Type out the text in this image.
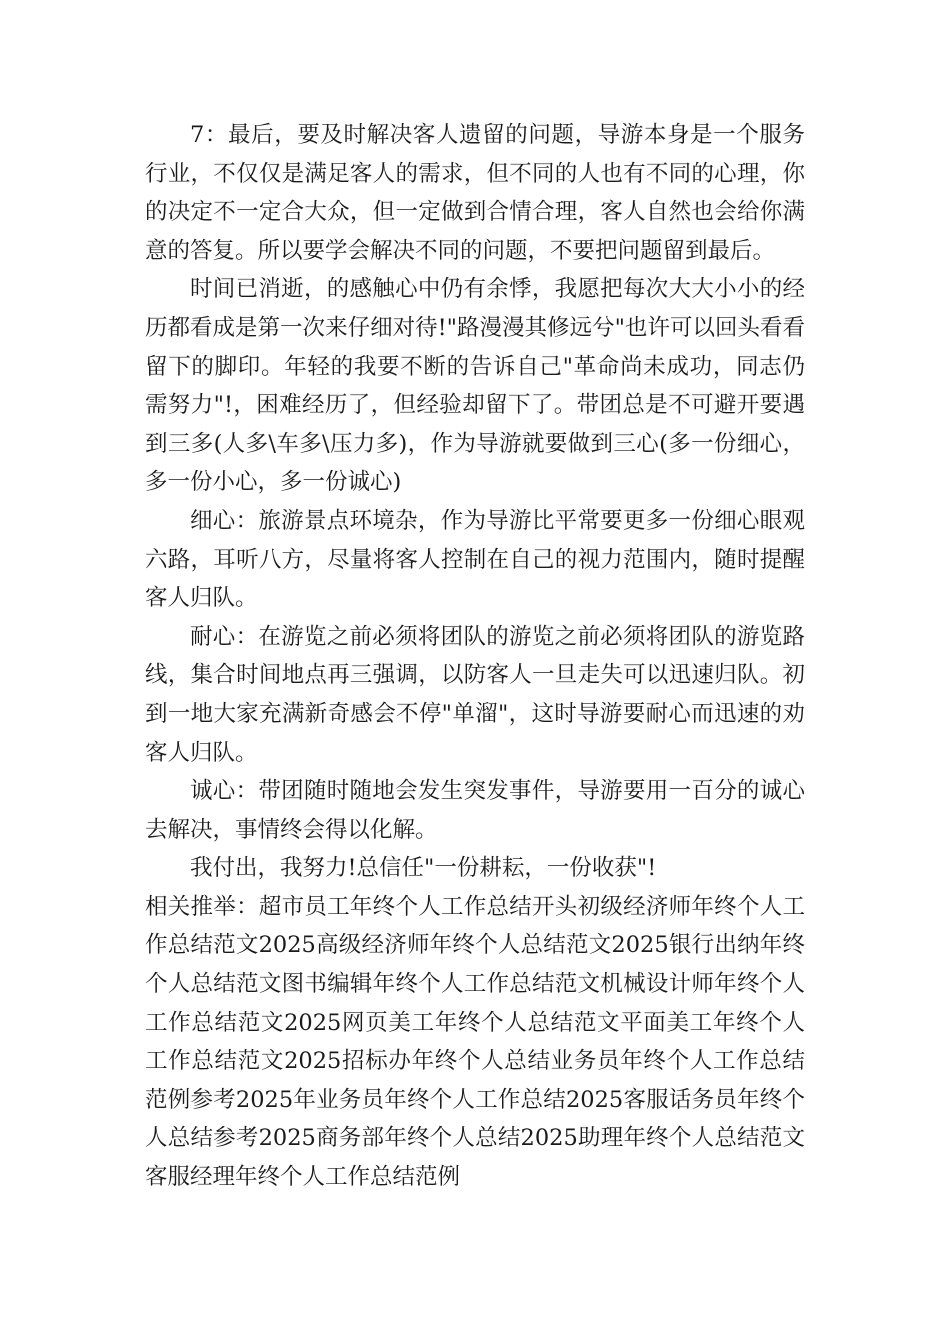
7：最后，要及时解决客人遗留的问题，导游本身是一个服务行业，不仅仅是满足客人的需求，但不同的人也有不同的心理，你的决定不一定合大众，但一定做到合情合理，客人自然也会给你满意的答复。所以要学会解决不同的问题，不要把问题留到最后。

时间已消逝，的感触心中仍有余悸，我愿把每次大大小小的经历都看成是第一次来仔细对待!"路漫漫其修远兮"也许可以回头看看留下的脚印。年轻的我要不断的告诉自己"革命尚未成功，同志仍需努力"!，困难经历了，但经验却留下了。带团总是不可避开要遇到三多(人多\车多\压力多)，作为导游就要做到三心(多一份细心，多一份小心，多一份诚心)

细心：旅游景点环境杂，作为导游比平常要更多一份细心眼观六路，耳听八方，尽量将客人控制在自己的视力范围内，随时提醒客人归队。

耐心：在游览之前必须将团队的游览之前必须将团队的游览路线，集合时间地点再三强调，以防客人一旦走失可以迅速归队。初到一地大家充满新奇感会不停"单溜"，这时导游要耐心而迅速的劝客人归队。

诚心：带团随时随地会发生突发事件，导游要用一百分的诚心去解决，事情终会得以化解。

我付出，我努力!总信任"一份耕耘，一份收获"!

相关推举：超市员工年终个人工作总结开头初级经济师年终个人工作总结范文2025高级经济师年终个人总结范文2025银行出纳年终个人总结范文图书编辑年终个人工作总结范文机械设计师年终个人工作总结范文2025网页美工年终个人总结范文平面美工年终个人工作总结范文2025招标办年终个人总结业务员年终个人工作总结范例参考2025年业务员年终个人工作总结2025客服话务员年终个人总结参考2025商务部年终个人总结2025助理年终个人总结范文客服经理年终个人工作总结范例
